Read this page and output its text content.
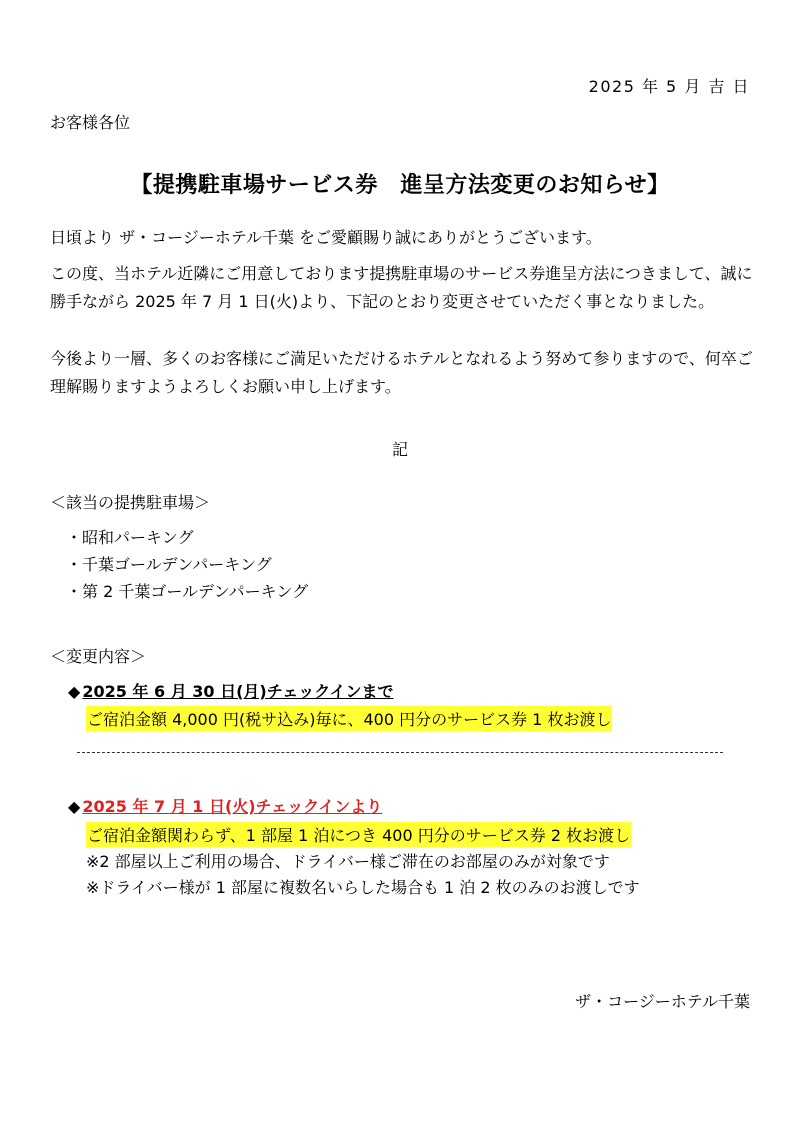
2025 年 5 月 吉 日
お客様各位
【提携駐車場サービス券　進呈方法変更のお知らせ】
日頃より ザ・コージーホテル千葉 をご愛顧賜り誠にありがとうございます。
この度、当ホテル近隣にご用意しております提携駐車場のサービス券進呈方法につきまして、誠に勝手ながら 2025 年 7 月 1 日(火)より、下記のとおり変更させていただく事となりました。
今後より一層、多くのお客様にご満足いただけるホテルとなれるよう努めて参りますので、何卒ご理解賜りますようよろしくお願い申し上げます。
記
＜該当の提携駐車場＞
・昭和パーキング
・千葉ゴールデンパーキング
・第 2 千葉ゴールデンパーキング
＜変更内容＞
◆ 2025 年 6 月 30 日(月)チェックインまで
ご宿泊金額 4,000 円(税サ込み)毎に、400 円分のサービス券 1 枚お渡し
◆ 2025 年 7 月 1 日(火)チェックインより
ご宿泊金額関わらず、1 部屋 1 泊につき 400 円分のサービス券 2 枚お渡し
※2 部屋以上ご利用の場合、ドライバー様ご滞在のお部屋のみが対象です
※ドライバー様が 1 部屋に複数名いらした場合も 1 泊 2 枚のみのお渡しです
ザ・コージーホテル千葉
